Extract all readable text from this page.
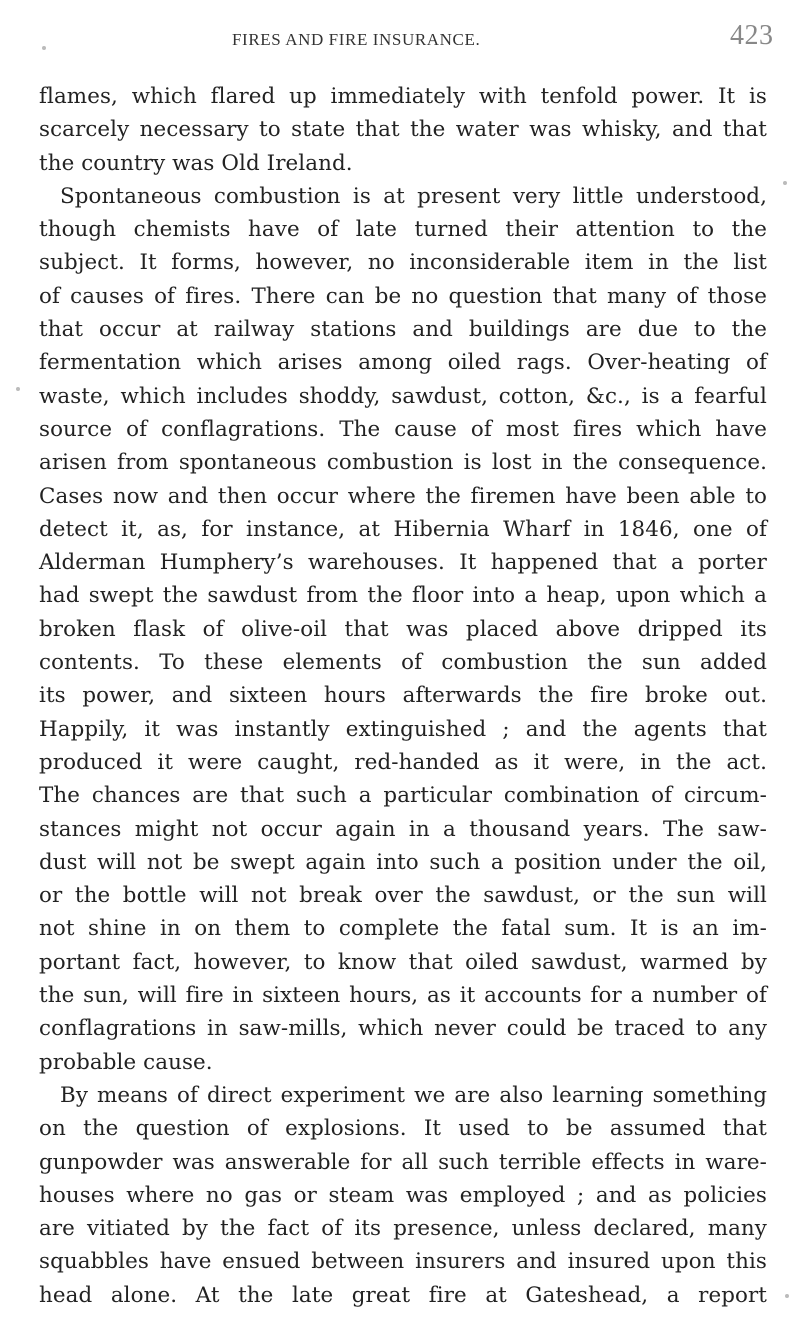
FIRES AND FIRE INSURANCE.	423
flames, which flared up immediately with tenfold power. It is
scarcely necessary to state that the water was whisky, and that
the country was Old Ireland.
Spontaneous combustion is at present very little understood,
though chemists have of late turned their attention to the
subject. It forms, however, no inconsiderable item in the list
of causes of fires. There can be no question that many of those
that occur at railway stations and buildings are due to the
fermentation which arises among oiled rags. Over-heating of
waste, which includes shoddy, sawdust, cotton, &c., is a fearful
source of conflagrations. The cause of most fires which have
arisen from spontaneous combustion is lost in the consequence.
Cases now and then occur where the firemen have been able to
detect it, as, for instance, at Hibernia Wharf in 1846, one of
Alderman Humphery’s warehouses. It happened that a porter
had swept the sawdust from the floor into a heap, upon which a
broken flask of olive-oil that was placed above dripped its
contents. To these elements of combustion the sun added
its power, and sixteen hours afterwards the fire broke out.
Happily, it was instantly extinguished ; and the agents that
produced it were caught, red-handed as it were, in the act.
The chances are that such a particular combination of circum-
stances might not occur again in a thousand years. The saw-
dust will not be swept again into such a position under the oil,
or the bottle will not break over the sawdust, or the sun will
not shine in on them to complete the fatal sum. It is an im-
portant fact, however, to know that oiled sawdust, warmed by
the sun, will fire in sixteen hours, as it accounts for a number of
conflagrations in saw-mills, which never could be traced to any
probable cause.
By means of direct experiment we are also learning something
on the question of explosions. It used to be assumed that
gunpowder was answerable for all such terrible effects in ware-
houses where no gas or steam was employed ; and as policies
are vitiated by the fact of its presence, unless declared, many
squabbles have ensued between insurers and insured upon this
head alone. At the late great fire at Gateshead, a report
